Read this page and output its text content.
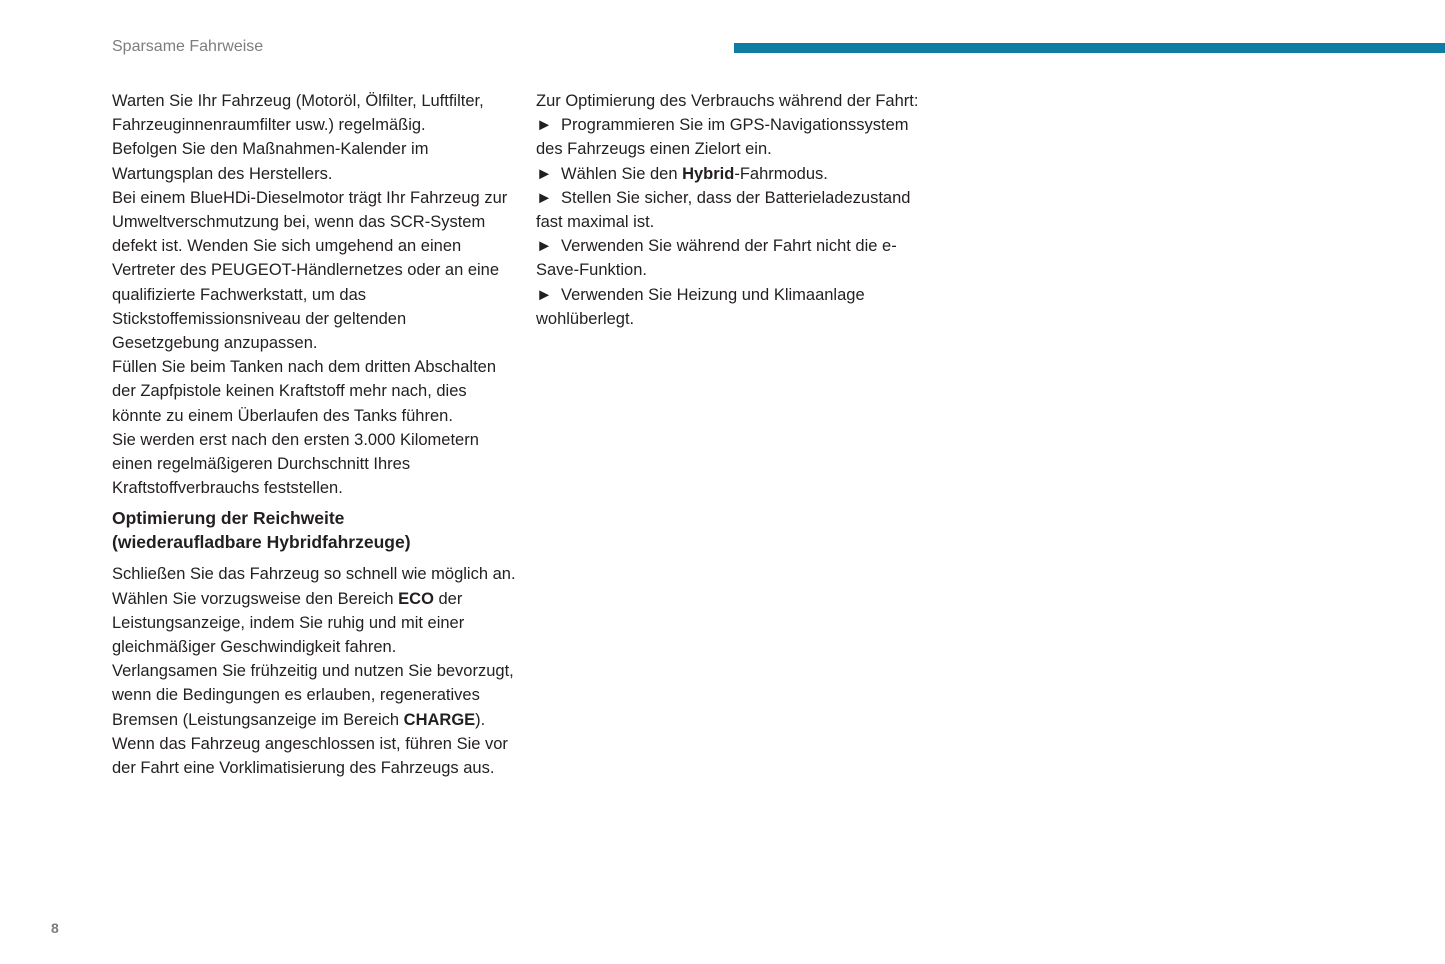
Sparsame Fahrweise

Warten Sie Ihr Fahrzeug (Motoröl, Ölfilter, Luftfilter, Fahrzeuginnenraumfilter usw.) regelmäßig.

Befolgen Sie den Maßnahmen-Kalender im Wartungsplan des Herstellers.

Bei einem BlueHDi-Dieselmotor trägt Ihr Fahrzeug zur Umweltverschmutzung bei, wenn das SCR-System defekt ist. Wenden Sie sich umgehend an einen Vertreter des PEUGEOT-Händlernetzes oder an eine qualifizierte Fachwerkstatt, um das Stickstoffemissionsniveau der geltenden Gesetzgebung anzupassen.

Füllen Sie beim Tanken nach dem dritten Abschalten der Zapfpistole keinen Kraftstoff mehr nach, dies könnte zu einem Überlaufen des Tanks führen.

Sie werden erst nach den ersten 3.000 Kilometern einen regelmäßigeren Durchschnitt Ihres Kraftstoffverbrauchs feststellen.

Optimierung der Reichweite
(wiederaufladbare Hybridfahrzeuge)

Schließen Sie das Fahrzeug so schnell wie möglich an.

Wählen Sie vorzugsweise den Bereich ECO der Leistungsanzeige, indem Sie ruhig und mit einer gleichmäßiger Geschwindigkeit fahren.

Verlangsamen Sie frühzeitig und nutzen Sie bevorzugt, wenn die Bedingungen es erlauben, regeneratives Bremsen (Leistungsanzeige im Bereich CHARGE).

Wenn das Fahrzeug angeschlossen ist, führen Sie vor der Fahrt eine Vorklimatisierung des Fahrzeugs aus.

Zur Optimierung des Verbrauchs während der Fahrt:

► Programmieren Sie im GPS-Navigationssystem des Fahrzeugs einen Zielort ein.

► Wählen Sie den Hybrid-Fahrmodus.

► Stellen Sie sicher, dass der Batterieladezustand fast maximal ist.

► Verwenden Sie während der Fahrt nicht die e-Save-Funktion.

► Verwenden Sie Heizung und Klimaanlage wohlüberlegt.

8
